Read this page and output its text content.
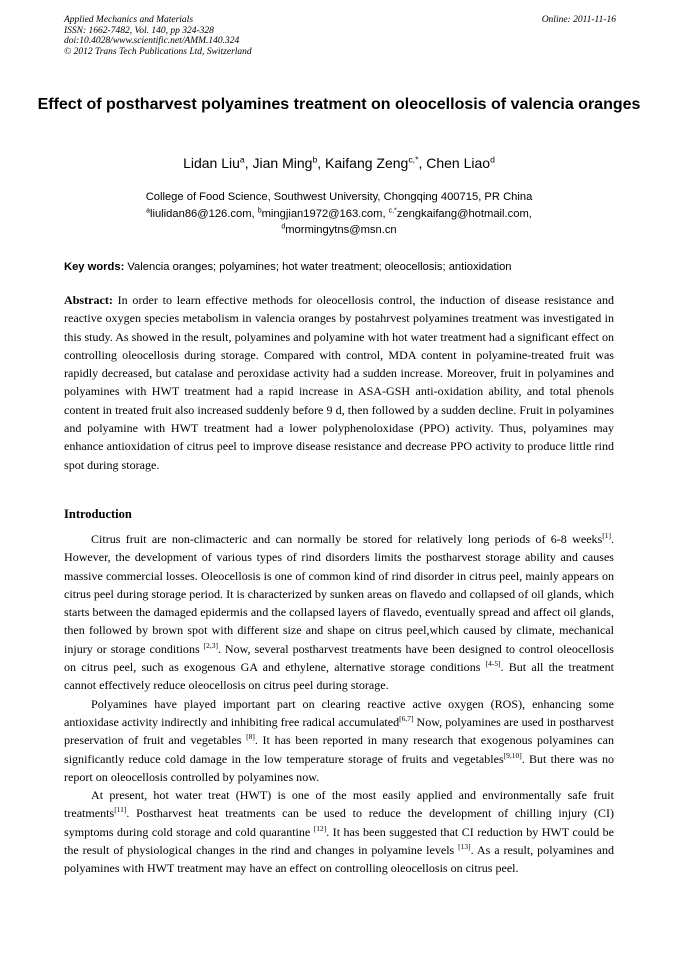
Applied Mechanics and Materials
ISSN: 1662-7482, Vol. 140, pp 324-328
doi:10.4028/www.scientific.net/AMM.140.324
© 2012 Trans Tech Publications Ltd, Switzerland
Online: 2011-11-16
Effect of postharvest polyamines treatment on oleocellosis of valencia oranges
Lidan Liu$^a$, Jian Ming$^b$, Kaifang Zeng$^{c,*}$, Chen Liao$^d$
College of Food Science, Southwest University, Chongqing 400715, PR China
$^a$liulidan86@126.com, $^b$mingjian1972@163.com, $^{c,*}$zengkaifang@hotmail.com,
$^d$mormingytns@msn.cn
Key words: Valencia oranges; polyamines; hot water treatment; oleocellosis; antioxidation
Abstract: In order to learn effective methods for oleocellosis control, the induction of disease resistance and reactive oxygen species metabolism in valencia oranges by postahrvest polyamines treatment was investigated in this study. As showed in the result, polyamines and polyamine with hot water treatment had a significant effect on controlling oleocellosis during storage. Compared with control, MDA content in polyamine-treated fruit was rapidly decreased, but catalase and peroxidase activity had a sudden increase. Moreover, fruit in polyamines and polyamines with HWT treatment had a rapid increase in ASA-GSH anti-oxidation ability, and total phenols content in treated fruit also increased suddenly before 9 d, then followed by a sudden decline. Fruit in polyamines and polyamine with HWT treatment had a lower polyphenoloxidase (PPO) activity. Thus, polyamines may enhance antioxidation of citrus peel to improve disease resistance and decrease PPO activity to produce little rind spot during storage.
Introduction

Citrus fruit are non-climacteric and can normally be stored for relatively long periods of 6-8 weeks[1]. However, the development of various types of rind disorders limits the postharvest storage ability and causes massive commercial losses. Oleocellosis is one of common kind of rind disorder in citrus peel, mainly appears on citrus peel during storage period. It is characterized by sunken areas on flavedo and collapsed of oil glands, which starts between the damaged epidermis and the collapsed layers of flavedo, eventually spread and affect oil glands, then followed by brown spot with different size and shape on citrus peel,which caused by climate, mechanical injury or storage conditions [2,3]. Now, several postharvest treatments have been designed to control oleocellosis on citrus peel, such as exogenous GA and ethylene, alternative storage conditions [4-5]. But all the treatment cannot effectively reduce oleocellosis on citrus peel during storage.

Polyamines have played important part on clearing reactive active oxygen (ROS), enhancing some antioxidase activity indirectly and inhibiting free radical accumulated[6,7] Now, polyamines are used in postharvest preservation of fruit and vegetables [8]. It has been reported in many research that exogenous polyamines can significantly reduce cold damage in the low temperature storage of fruits and vegetables[9,10]. But there was no report on oleocellosis controlled by polyamines now.

At present, hot water treat (HWT) is one of the most easily applied and environmentally safe fruit treatments[11]. Postharvest heat treatments can be used to reduce the development of chilling injury (CI) symptoms during cold storage and cold quarantine [12]. It has been suggested that CI reduction by HWT could be the result of physiological changes in the rind and changes in polyamine levels [13]. As a result, polyamines and polyamines with HWT treatment may have an effect on controlling oleocellosis on citrus peel.
